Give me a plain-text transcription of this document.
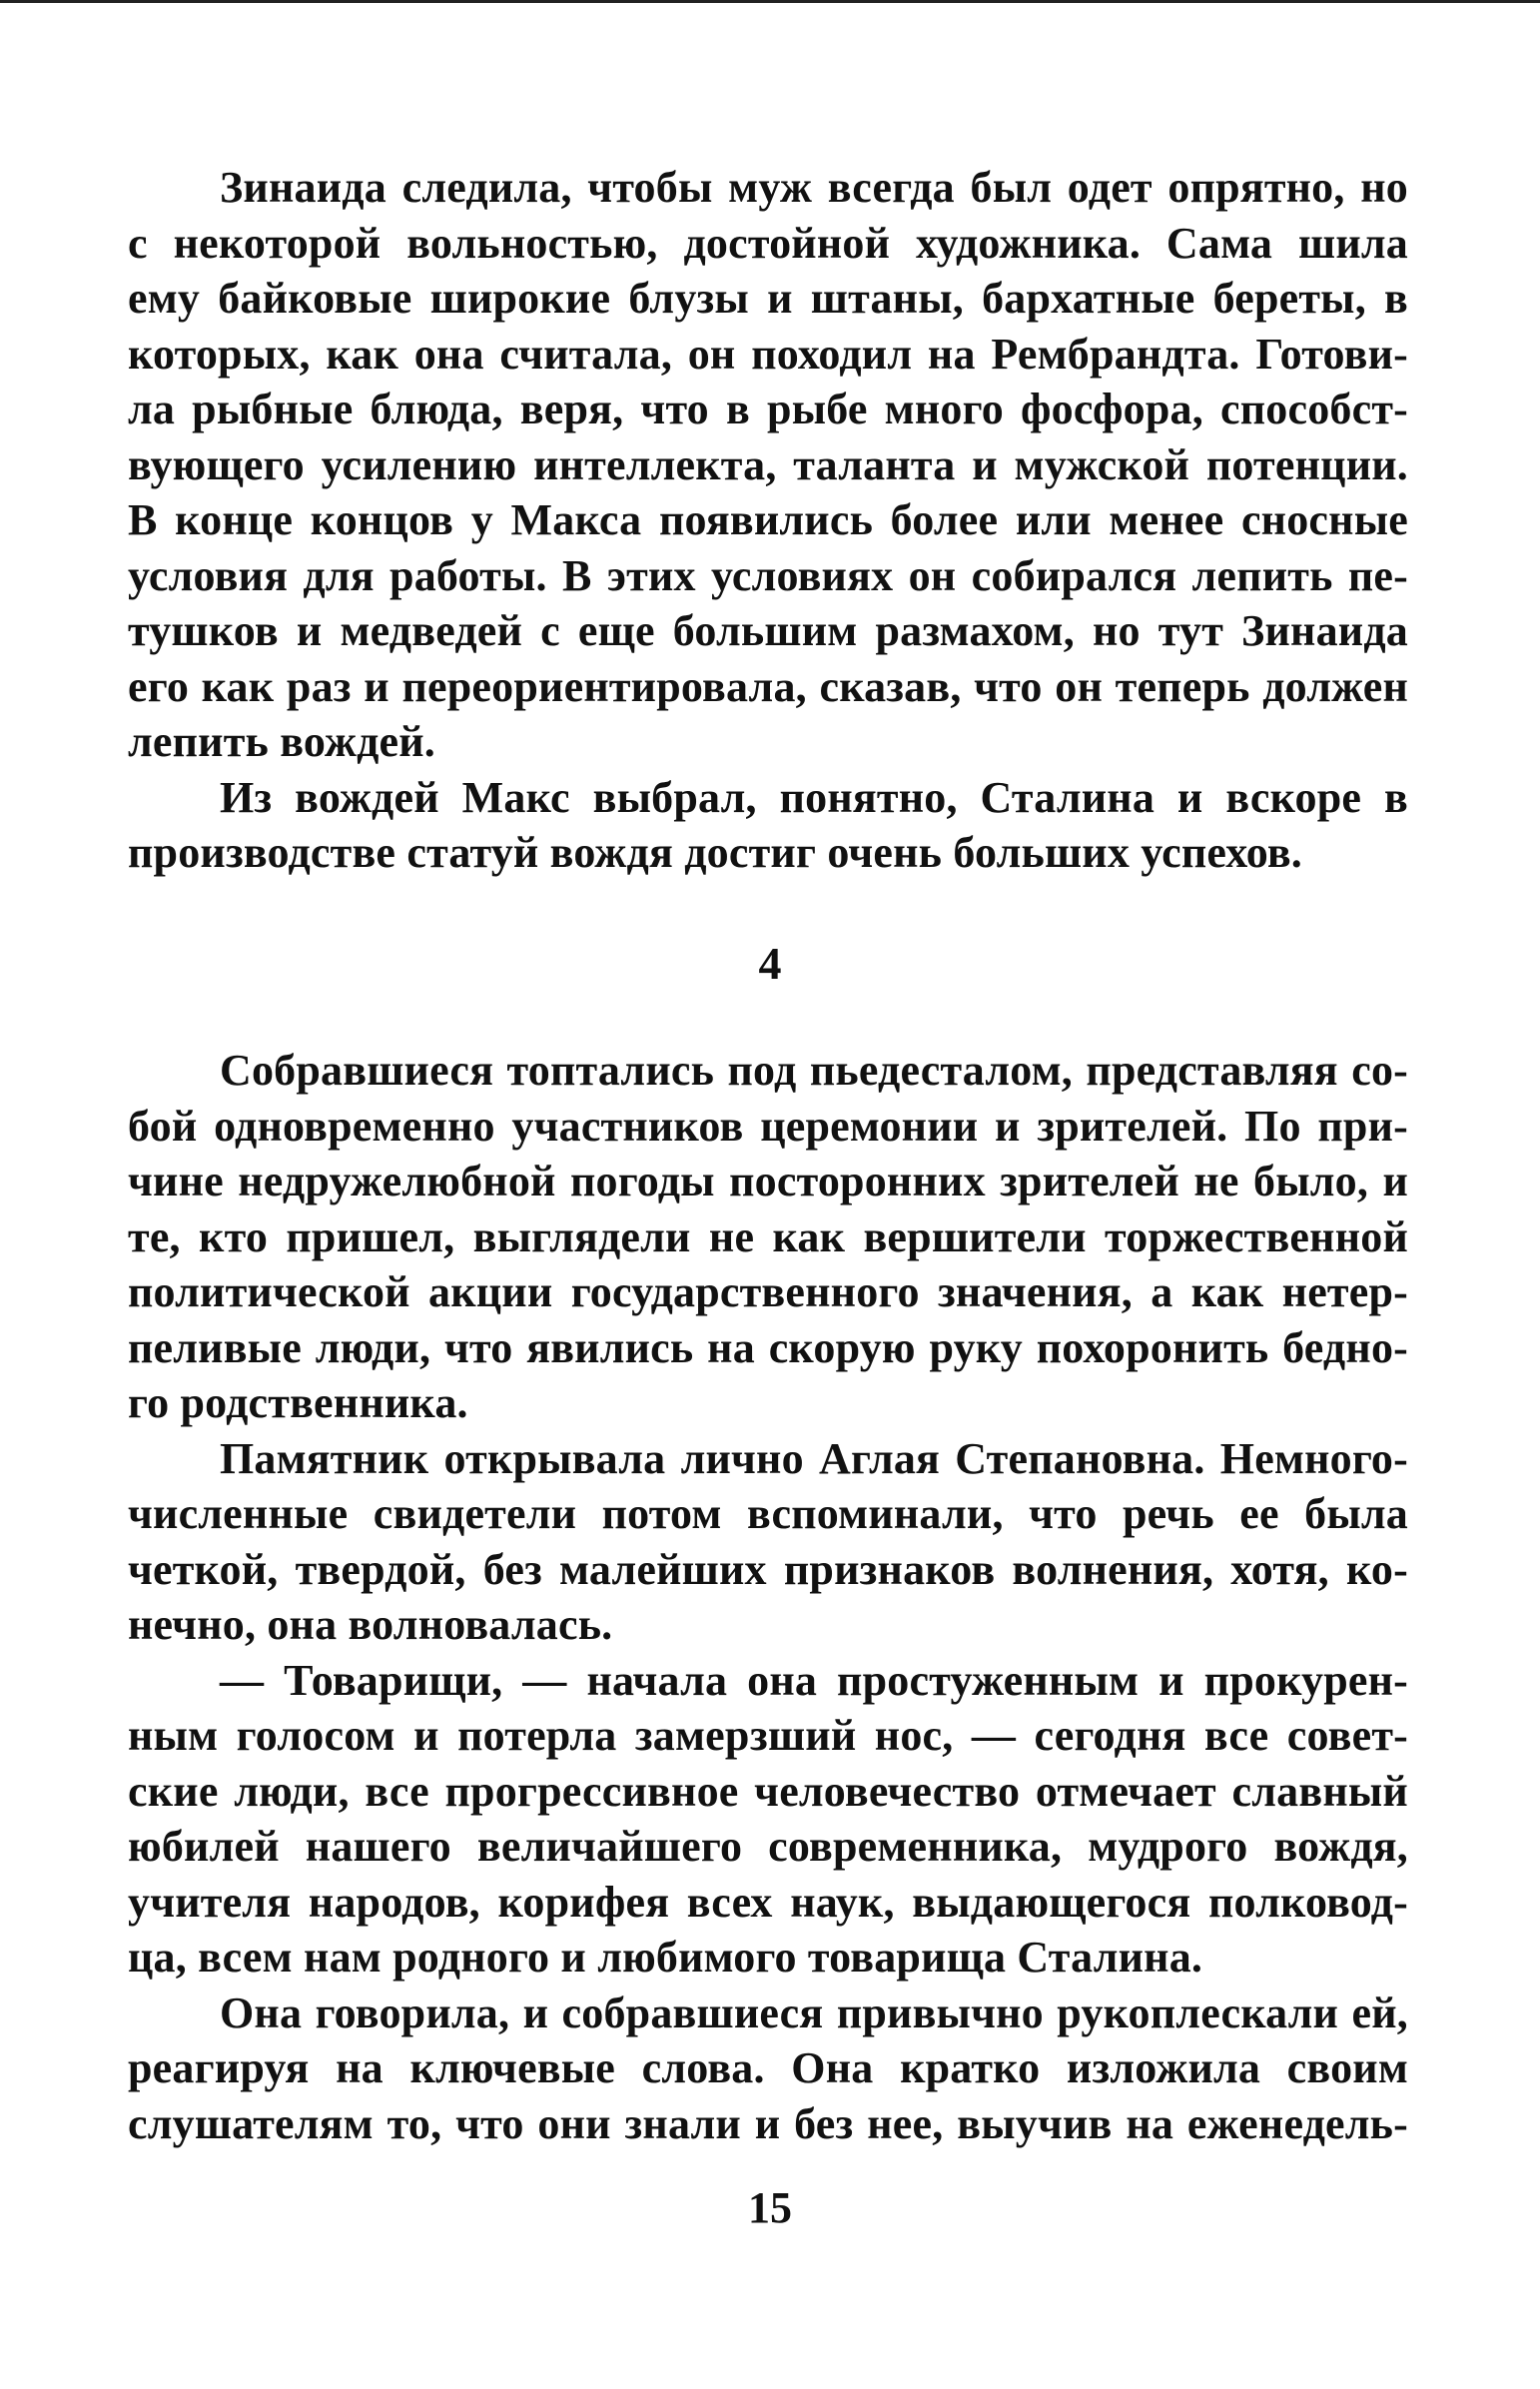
Зинаида следила, чтобы муж всегда был одет опрятно, но
с некоторой вольностью, достойной художника. Сама шила
ему байковые широкие блузы и штаны, бархатные береты, в
которых, как она считала, он походил на Рембрандта. Готови-
ла рыбные блюда, веря, что в рыбе много фосфора, способст-
вующего усилению интеллекта, таланта и мужской потенции.
В конце концов у Макса появились более или менее сносные
условия для работы. В этих условиях он собирался лепить пе-
тушков и медведей с еще большим размахом, но тут Зинаида
его как раз и переориентировала, сказав, что он теперь должен
лепить вождей.
Из вождей Макс выбрал, понятно, Сталина и вскоре в
производстве статуй вождя достиг очень больших успехов.
4
Собравшиеся топтались под пьедесталом, представляя со-
бой одновременно участников церемонии и зрителей. По при-
чине недружелюбной погоды посторонних зрителей не было, и
те, кто пришел, выглядели не как вершители торжественной
политической акции государственного значения, а как нетер-
пеливые люди, что явились на скорую руку похоронить бедно-
го родственника.
Памятник открывала лично Аглая Степановна. Немного-
численные свидетели потом вспоминали, что речь ее была
четкой, твердой, без малейших признаков волнения, хотя, ко-
нечно, она волновалась.
— Товарищи, — начала она простуженным и прокурен-
ным голосом и потерла замерзший нос, — сегодня все совет-
ские люди, все прогрессивное человечество отмечает славный
юбилей нашего величайшего современника, мудрого вождя,
учителя народов, корифея всех наук, выдающегося полковод-
ца, всем нам родного и любимого товарища Сталина.
Она говорила, и собравшиеся привычно рукоплескали ей,
реагируя на ключевые слова. Она кратко изложила своим
слушателям то, что они знали и без нее, выучив на еженедель-
15
